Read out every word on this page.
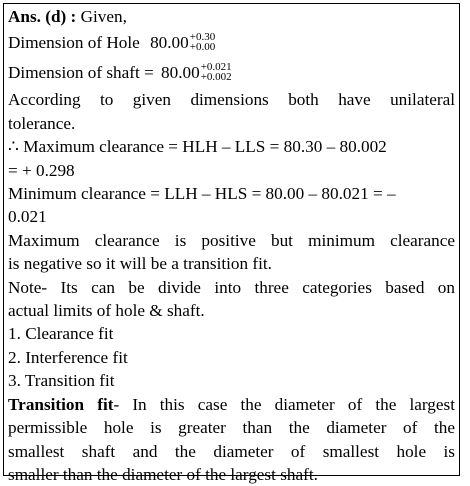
Ans. (d) : Given,
Dimension of Hole 80.00 +0.30
+0.00
Dimension of shaft = 80.00 +0.021
+0.002
According to given dimensions both have unilateral
tolerance.
∴ Maximum clearance = HLH – LLS = 80.30 – 80.002
= + 0.298
Minimum clearance = LLH – HLS = 80.00 – 80.021 = –
0.021
Maximum clearance is positive but minimum clearance
is negative so it will be a transition fit.
Note- Its can be divide into three categories based on
actual limits of hole & shaft.
1. Clearance fit
2. Interference fit
3. Transition fit
Transition fit- In this case the diameter of the largest
permissible hole is greater than the diameter of the
smallest shaft and the diameter of smallest hole is
smaller than the diameter of the largest shaft.
